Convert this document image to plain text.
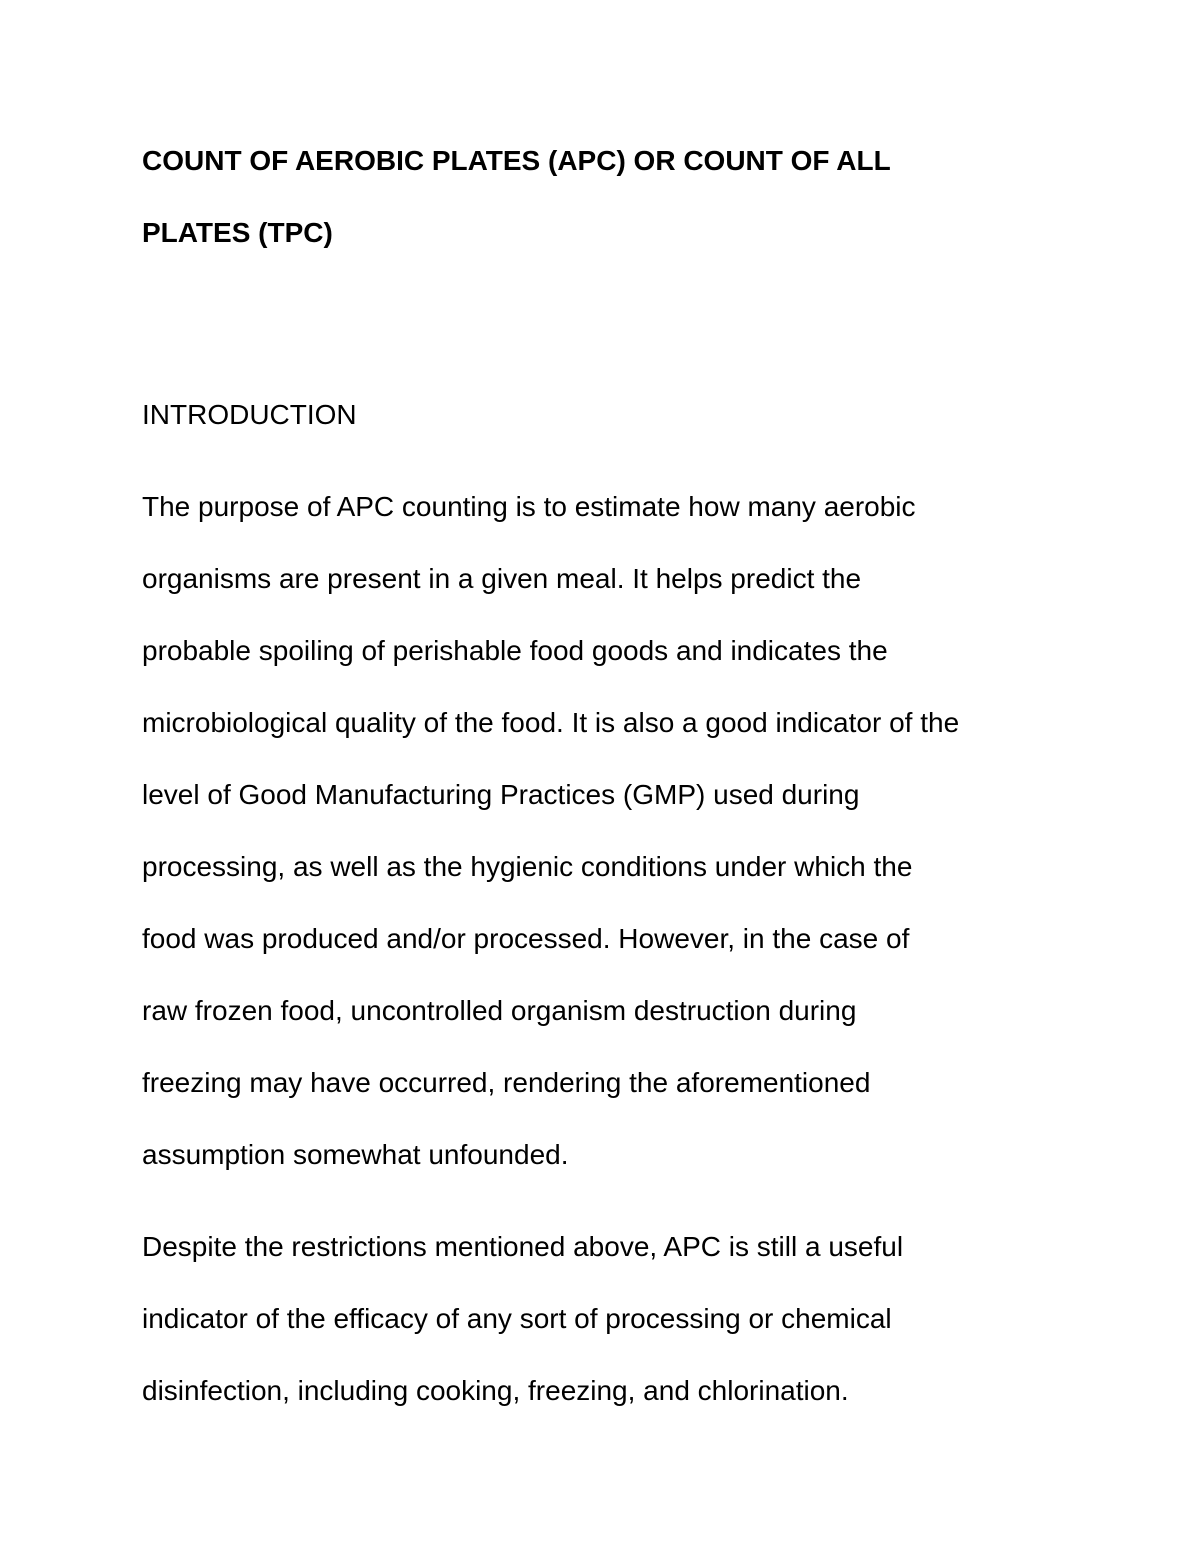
COUNT OF AEROBIC PLATES (APC) OR COUNT OF ALL
PLATES (TPC)
INTRODUCTION

The purpose of APC counting is to estimate how many aerobic

organisms are present in a given meal. It helps predict the

probable spoiling of perishable food goods and indicates the

microbiological quality of the food. It is also a good indicator of the

level of Good Manufacturing Practices (GMP) used during

processing, as well as the hygienic conditions under which the

food was produced and/or processed. However, in the case of

raw frozen food, uncontrolled organism destruction during

freezing may have occurred, rendering the aforementioned

assumption somewhat unfounded.

Despite the restrictions mentioned above, APC is still a useful

indicator of the efficacy of any sort of processing or chemical

disinfection, including cooking, freezing, and chlorination.
